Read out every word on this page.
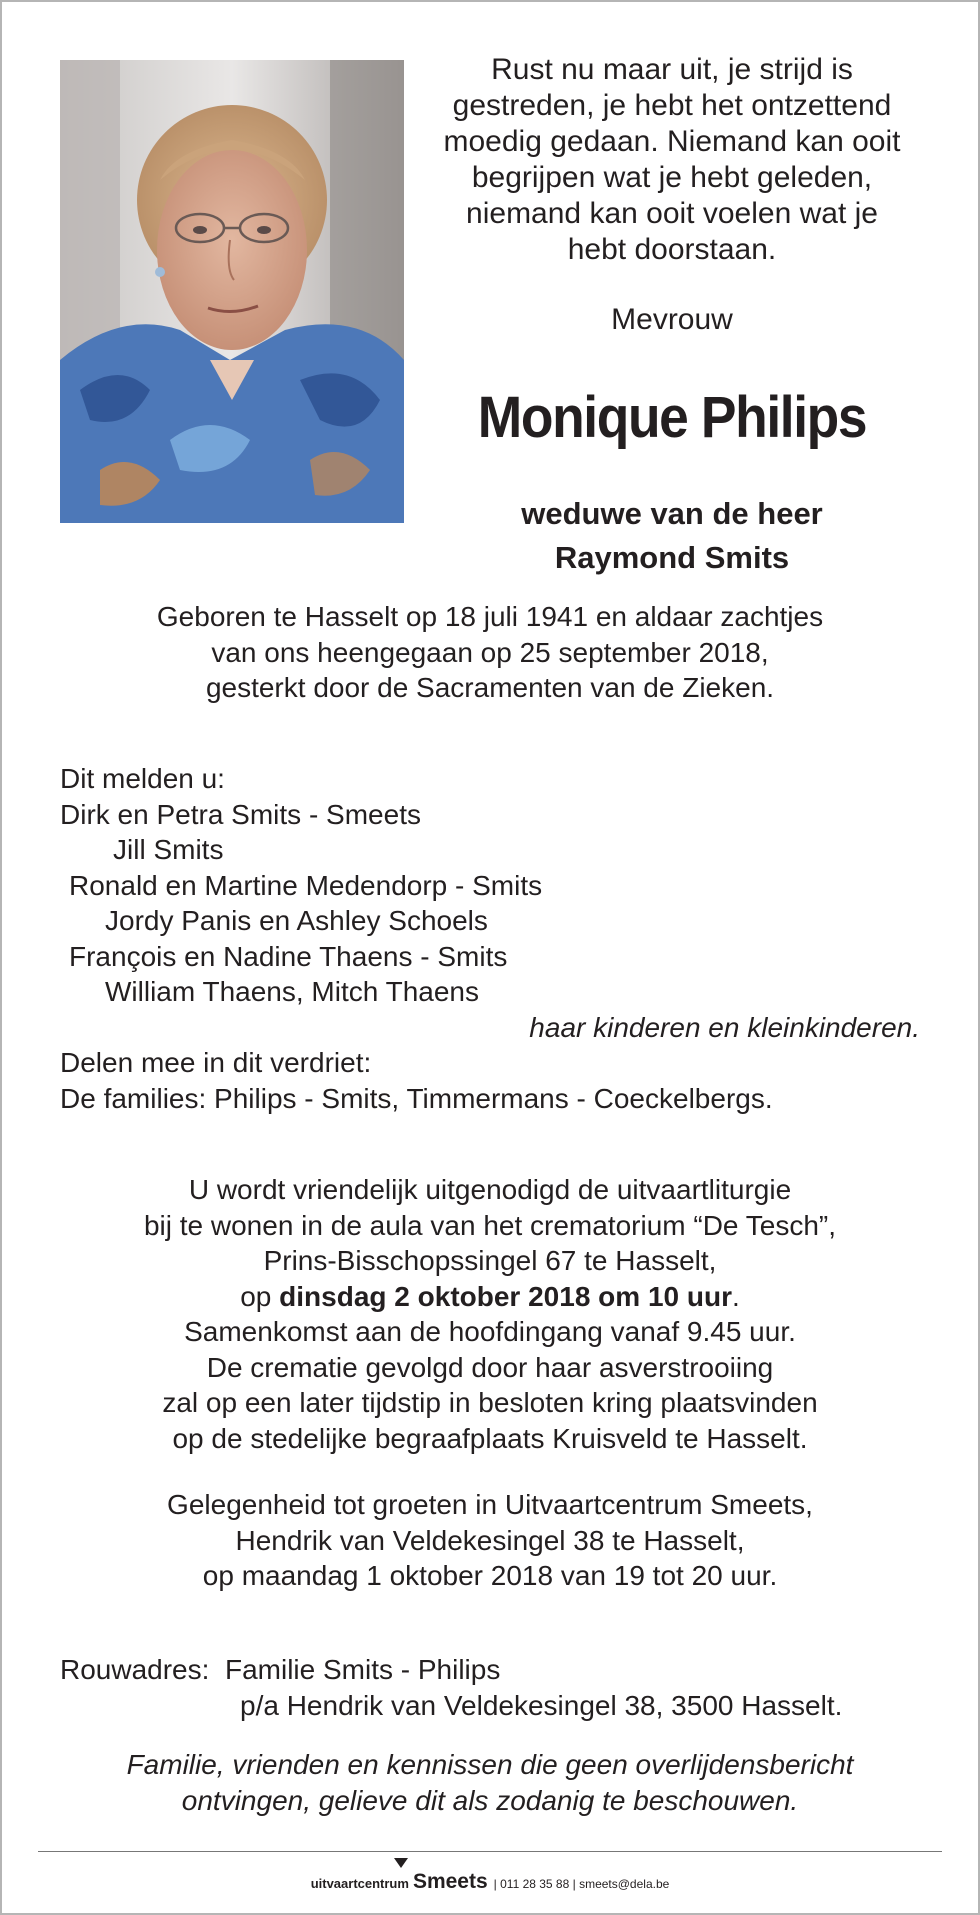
Rust nu maar uit, je strijd is
gestreden, je hebt het ontzettend
moedig gedaan. Niemand kan ooit
begrijpen wat je hebt geleden,
niemand kan ooit voelen wat je
hebt doorstaan.
Mevrouw
Monique Philips
weduwe van de heer
Raymond Smits
Geboren te Hasselt op 18 juli 1941 en aldaar zachtjes
van ons heengegaan op 25 september 2018,
gesterkt door de Sacramenten van de Zieken.
Dit melden u:
Dirk en Petra Smits - Smeets
Jill Smits
Ronald en Martine Medendorp - Smits
Jordy Panis en Ashley Schoels
François en Nadine Thaens - Smits
William Thaens, Mitch Thaens
haar kinderen en kleinkinderen.
Delen mee in dit verdriet:
De families: Philips - Smits, Timmermans - Coeckelbergs.
U wordt vriendelijk uitgenodigd de uitvaartliturgie
bij te wonen in de aula van het crematorium “De Tesch”,
Prins-Bisschopssingel 67 te Hasselt,
op dinsdag 2 oktober 2018 om 10 uur.
Samenkomst aan de hoofdingang vanaf 9.45 uur.
De crematie gevolgd door haar asverstrooiing
zal op een later tijdstip in besloten kring plaatsvinden
op de stedelijke begraafplaats Kruisveld te Hasselt.
Gelegenheid tot groeten in Uitvaartcentrum Smeets,
Hendrik van Veldekesingel 38 te Hasselt,
op maandag 1 oktober 2018 van 19 tot 20 uur.
Rouwadres: Familie Smits - Philips
p/a Hendrik van Veldekesingel 38, 3500 Hasselt.
Familie, vrienden en kennissen die geen overlijdensbericht
ontvingen, gelieve dit als zodanig te beschouwen.
uitvaartcentrum Smeets | 011 28 35 88 | smeets@dela.be
